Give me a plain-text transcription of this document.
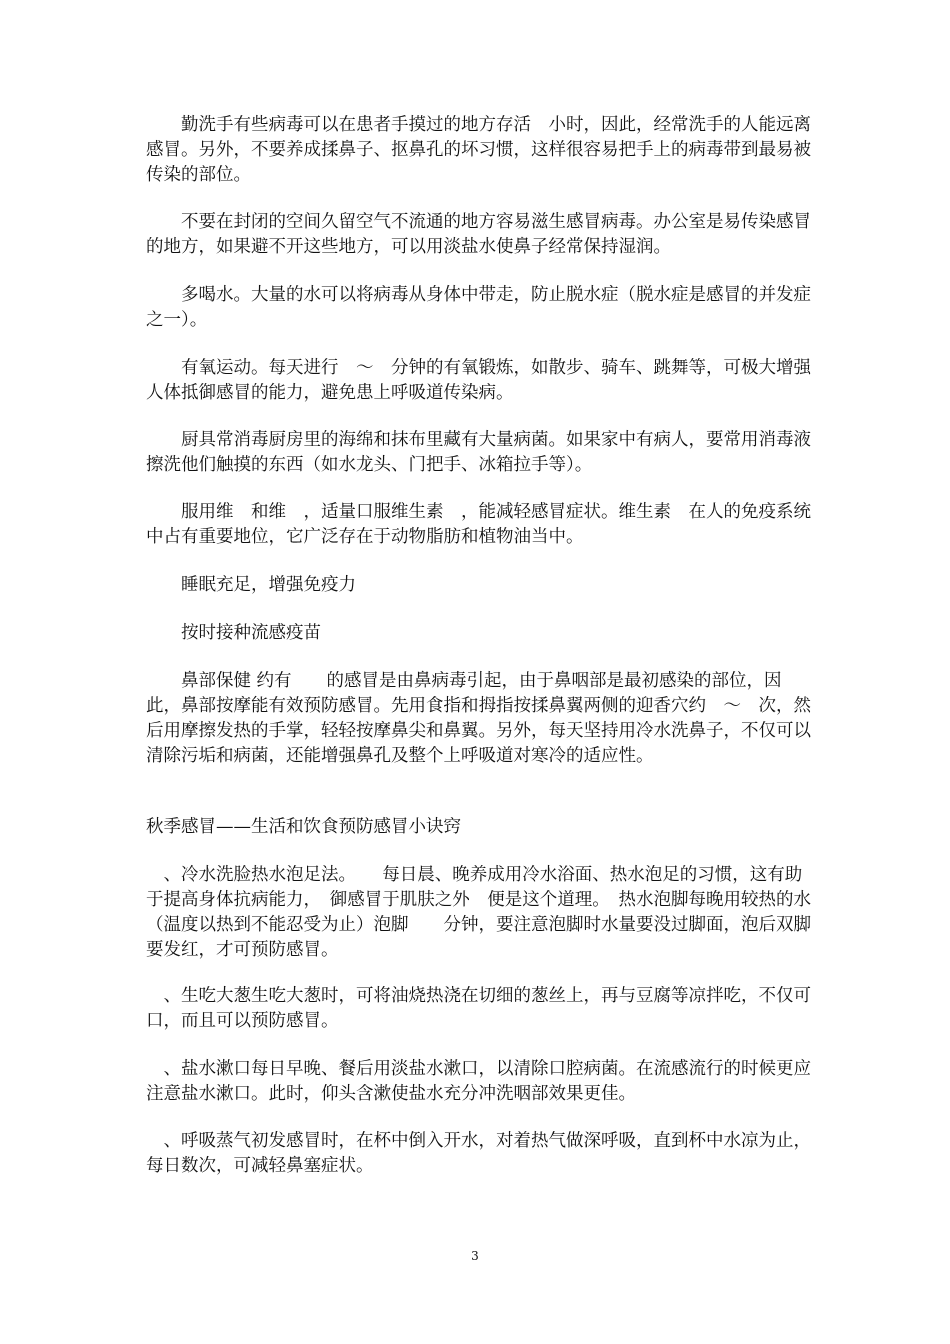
　　勤洗手有些病毒可以在患者手摸过的地方存活　小时，因此，经常洗手的人能远离感冒。另外，不要养成揉鼻子、抠鼻孔的坏习惯，这样很容易把手上的病毒带到最易被传染的部位。

　　不要在封闭的空间久留空气不流通的地方容易滋生感冒病毒。办公室是易传染感冒的地方，如果避不开这些地方，可以用淡盐水使鼻子经常保持湿润。

　　多喝水。大量的水可以将病毒从身体中带走，防止脱水症（脱水症是感冒的并发症之一）。

　　有氧运动。每天进行　～　分钟的有氧锻炼，如散步、骑车、跳舞等，可极大增强人体抵御感冒的能力，避免患上呼吸道传染病。

　　厨具常消毒厨房里的海绵和抹布里藏有大量病菌。如果家中有病人，要常用消毒液擦洗他们触摸的东西（如水龙头、门把手、冰箱拉手等）。

　　服用维　和维　，适量口服维生素　，能减轻感冒症状。维生素　在人的免疫系统中占有重要地位，它广泛存在于动物脂肪和植物油当中。

　　睡眠充足，增强免疫力

　　按时接种流感疫苗

　　鼻部保健 约有　　的感冒是由鼻病毒引起，由于鼻咽部是最初感染的部位，因此，鼻部按摩能有效预防感冒。先用食指和拇指按揉鼻翼两侧的迎香穴约　～　次，然后用摩擦发热的手掌，轻轻按摩鼻尖和鼻翼。另外，每天坚持用冷水洗鼻子，不仅可以清除污垢和病菌，还能增强鼻孔及整个上呼吸道对寒冷的适应性。

秋季感冒——生活和饮食预防感冒小诀窍

　、冷水洗脸热水泡足法。　　每日晨、晚养成用冷水浴面、热水泡足的习惯，这有助于提高身体抗病能力，　御感冒于肌肤之外　便是这个道理。　热水泡脚每晚用较热的水（温度以热到不能忍受为止）泡脚　　分钟，要注意泡脚时水量要没过脚面，泡后双脚要发红，才可预防感冒。

　、生吃大葱生吃大葱时，可将油烧热浇在切细的葱丝上，再与豆腐等凉拌吃，不仅可口，而且可以预防感冒。

　、盐水漱口每日早晚、餐后用淡盐水漱口，以清除口腔病菌。在流感流行的时候更应注意盐水漱口。此时，仰头含漱使盐水充分冲洗咽部效果更佳。

　、呼吸蒸气初发感冒时，在杯中倒入开水，对着热气做深呼吸，直到杯中水凉为止，每日数次，可减轻鼻塞症状。

3
